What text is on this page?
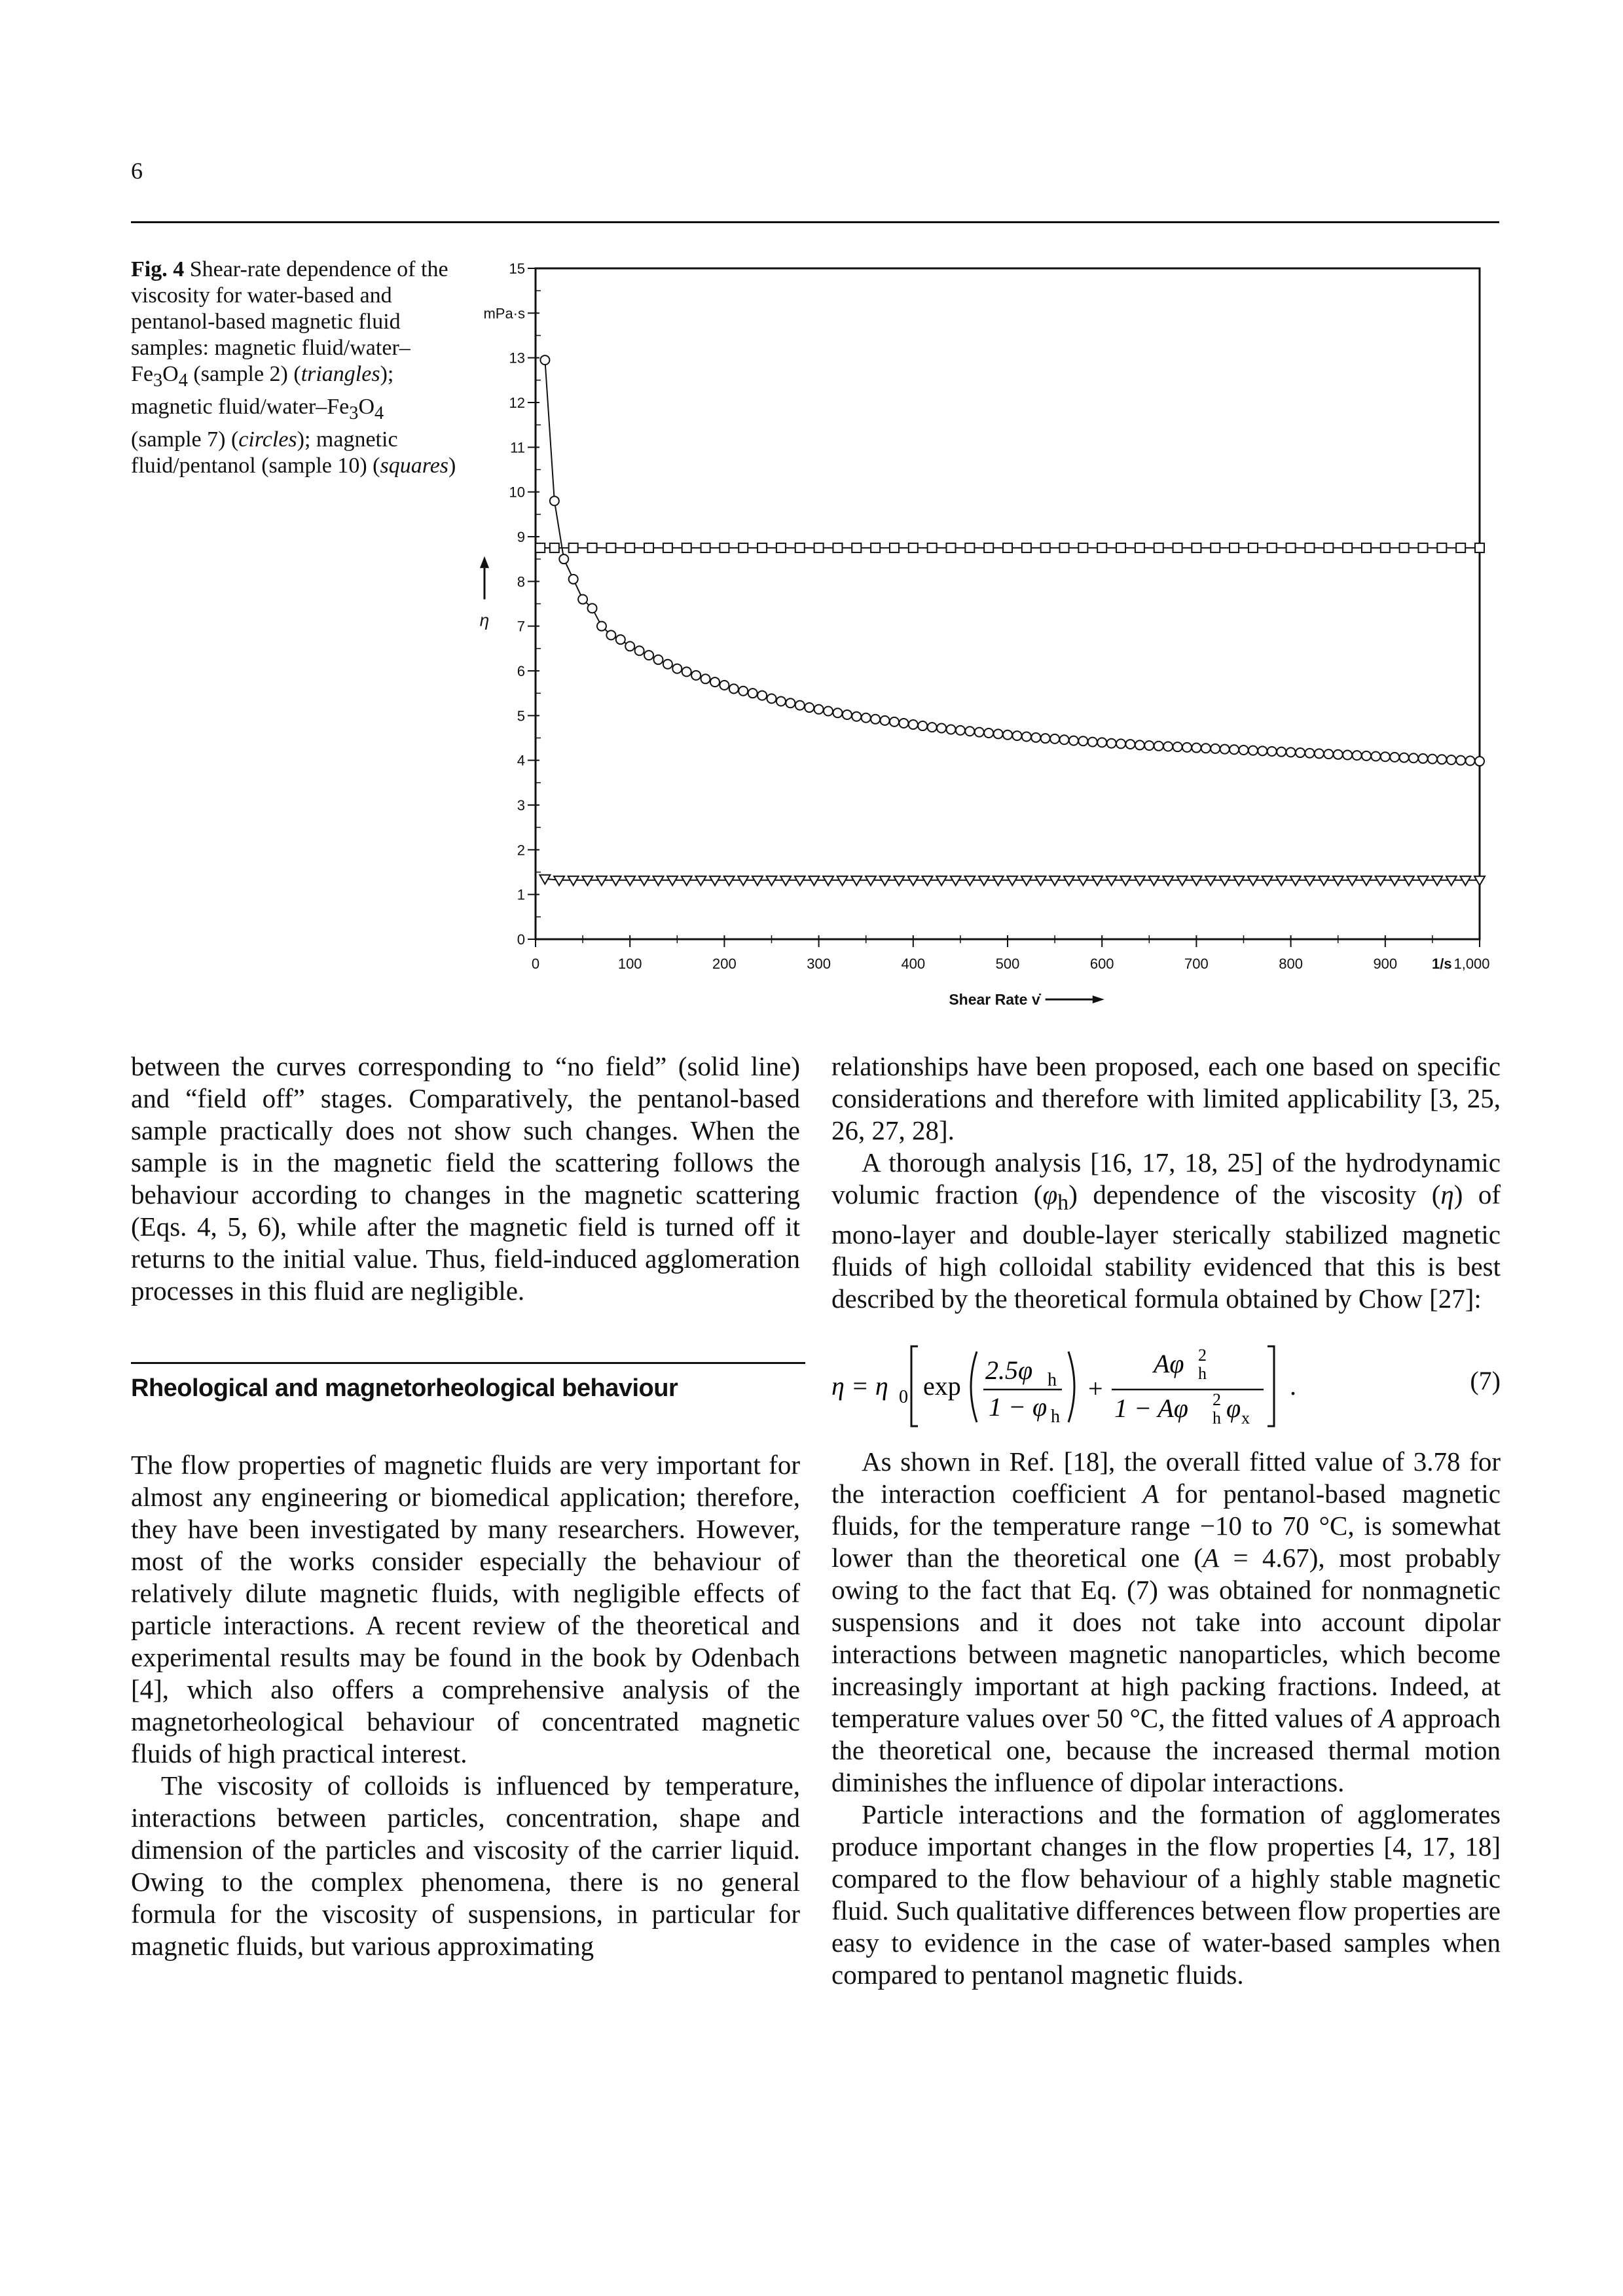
6
Fig. 4 Shear-rate dependence of the viscosity for water-based and pentanol-based magnetic fluid samples: magnetic fluid/$water-Fe_3O_4$ (sample 2) (triangles); magnetic fluid/$water-Fe_3O_4$ (sample 7) (circles); magnetic fluid/pentanol (sample 10) (squares)
0
1
2
3
4
5
6
7
8
9
10
11
12
13
mPa·s
15
0	100	200	300	400	500	600	700	800	900 1/s 1,000
Shear Rate γ̇
η

between the curves corresponding to “no field” (solid line) and “field off” stages. Comparatively, the pentanol-based sample practically does not show such changes. When the sample is in the magnetic field the scattering follows the behaviour according to changes in the magnetic scattering (Eqs. 4, 5, 6), while after the magnetic field is turned off it returns to the initial value. Thus, field-induced agglomeration processes in this fluid are negligible.

Rheological and magnetorheological behaviour

The flow properties of magnetic fluids are very important for almost any engineering or biomedical application; therefore, they have been investigated by many researchers. However, most of the works consider especially the behaviour of relatively dilute magnetic fluids, with negligible effects of particle interactions. A recent review of the theoretical and experimental results may be found in the book by Odenbach [4], which also offers a comprehensive analysis of the magnetorheological behaviour of concentrated magnetic fluids of high practical interest.

The viscosity of colloids is influenced by temperature, interactions between particles, concentration, shape and dimension of the particles and viscosity of the carrier liquid. Owing to the complex phenomena, there is no general formula for the viscosity of suspensions, in particular for magnetic fluids, but various approximating

relationships have been proposed, each one based on specific considerations and therefore with limited applicability [3, 25, 26, 27, 28].

A thorough analysis [16, 17, 18, 25] of the hydrodynamic volumic fraction $(\varphi_h)$ dependence of the viscosity (η) of mono-layer and double-layer sterically stabilized magnetic fluids of high colloidal stability evidenced that this is best described by the theoretical formula obtained by Chow [27]:

η = η 0 exp
2.5φ h
1 − φ h
+
Aφ 2
h
1 − Aφ 2
h φ x
.	(7)

As shown in Ref. [18], the overall fitted value of 3.78 for the interaction coefficient A for pentanol-based magnetic fluids, for the temperature range −10 to 70 °C, is somewhat lower than the theoretical one (A = 4.67), most probably owing to the fact that Eq. (7) was obtained for nonmagnetic suspensions and it does not take into account dipolar interactions between magnetic nanoparticles, which become increasingly important at high packing fractions. Indeed, at temperature values over 50 °C, the fitted values of A approach the theoretical one, because the increased thermal motion diminishes the influence of dipolar interactions.

Particle interactions and the formation of agglomerates produce important changes in the flow properties [4, 17, 18] compared to the flow behaviour of a highly stable magnetic fluid. Such qualitative differences between flow properties are easy to evidence in the case of water-based samples when compared to pentanol magnetic fluids.
